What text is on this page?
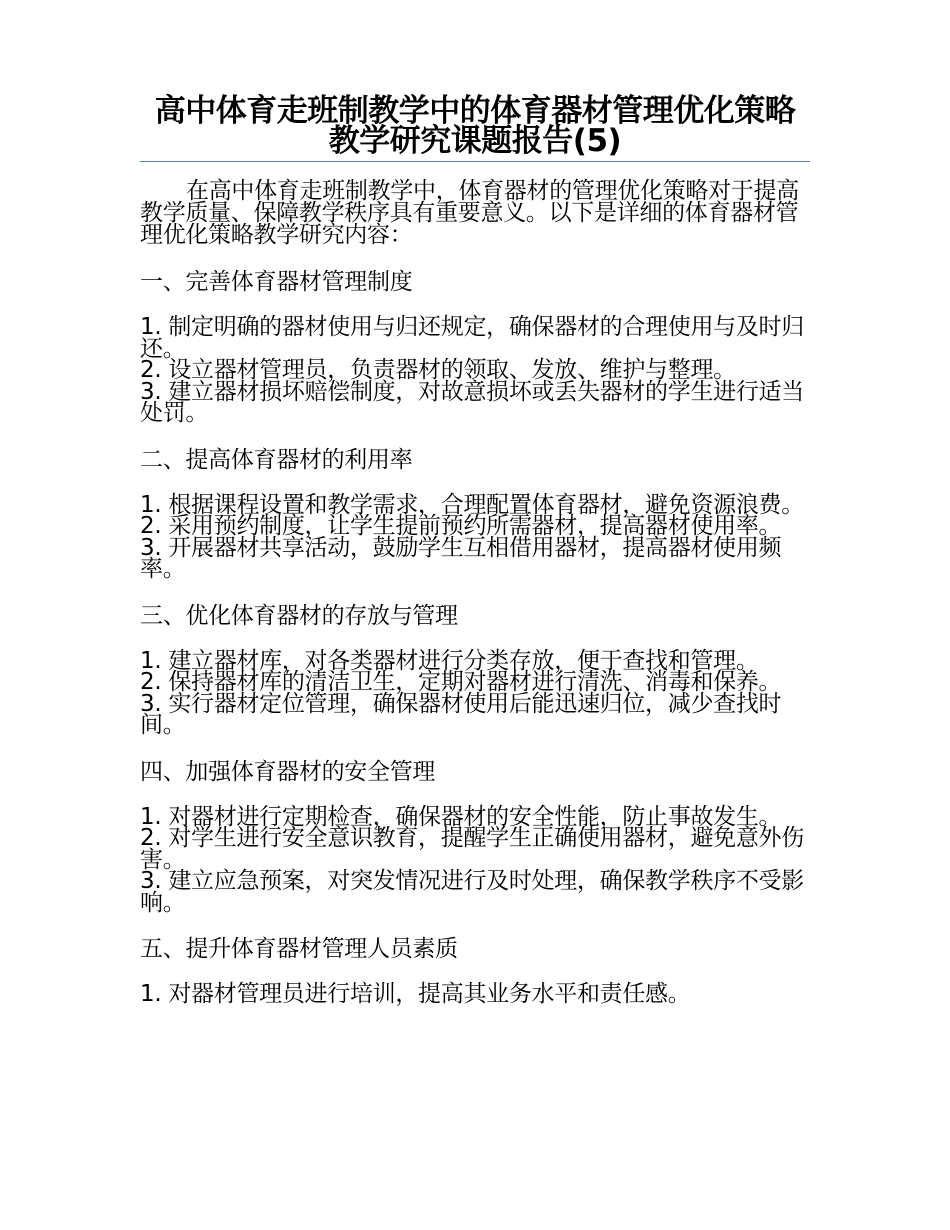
高中体育走班制教学中的体育器材管理优化策略教学研究课题报告(5)

在高中体育走班制教学中，体育器材的管理优化策略对于提高教学质量、保障教学秩序具有重要意义。以下是详细的体育器材管理优化策略教学研究内容：

一、完善体育器材管理制度

1. 制定明确的器材使用与归还规定，确保器材的合理使用与及时归还。
2. 设立器材管理员，负责器材的领取、发放、维护与整理。
3. 建立器材损坏赔偿制度，对故意损坏或丢失器材的学生进行适当处罚。

二、提高体育器材的利用率

1. 根据课程设置和教学需求，合理配置体育器材，避免资源浪费。
2. 采用预约制度，让学生提前预约所需器材，提高器材使用率。
3. 开展器材共享活动，鼓励学生互相借用器材，提高器材使用频率。

三、优化体育器材的存放与管理

1. 建立器材库，对各类器材进行分类存放，便于查找和管理。
2. 保持器材库的清洁卫生，定期对器材进行清洗、消毒和保养。
3. 实行器材定位管理，确保器材使用后能迅速归位，减少查找时间。

四、加强体育器材的安全管理

1. 对器材进行定期检查，确保器材的安全性能，防止事故发生。
2. 对学生进行安全意识教育，提醒学生正确使用器材，避免意外伤害。
3. 建立应急预案，对突发情况进行及时处理，确保教学秩序不受影响。

五、提升体育器材管理人员素质

1. 对器材管理员进行培训，提高其业务水平和责任感。
